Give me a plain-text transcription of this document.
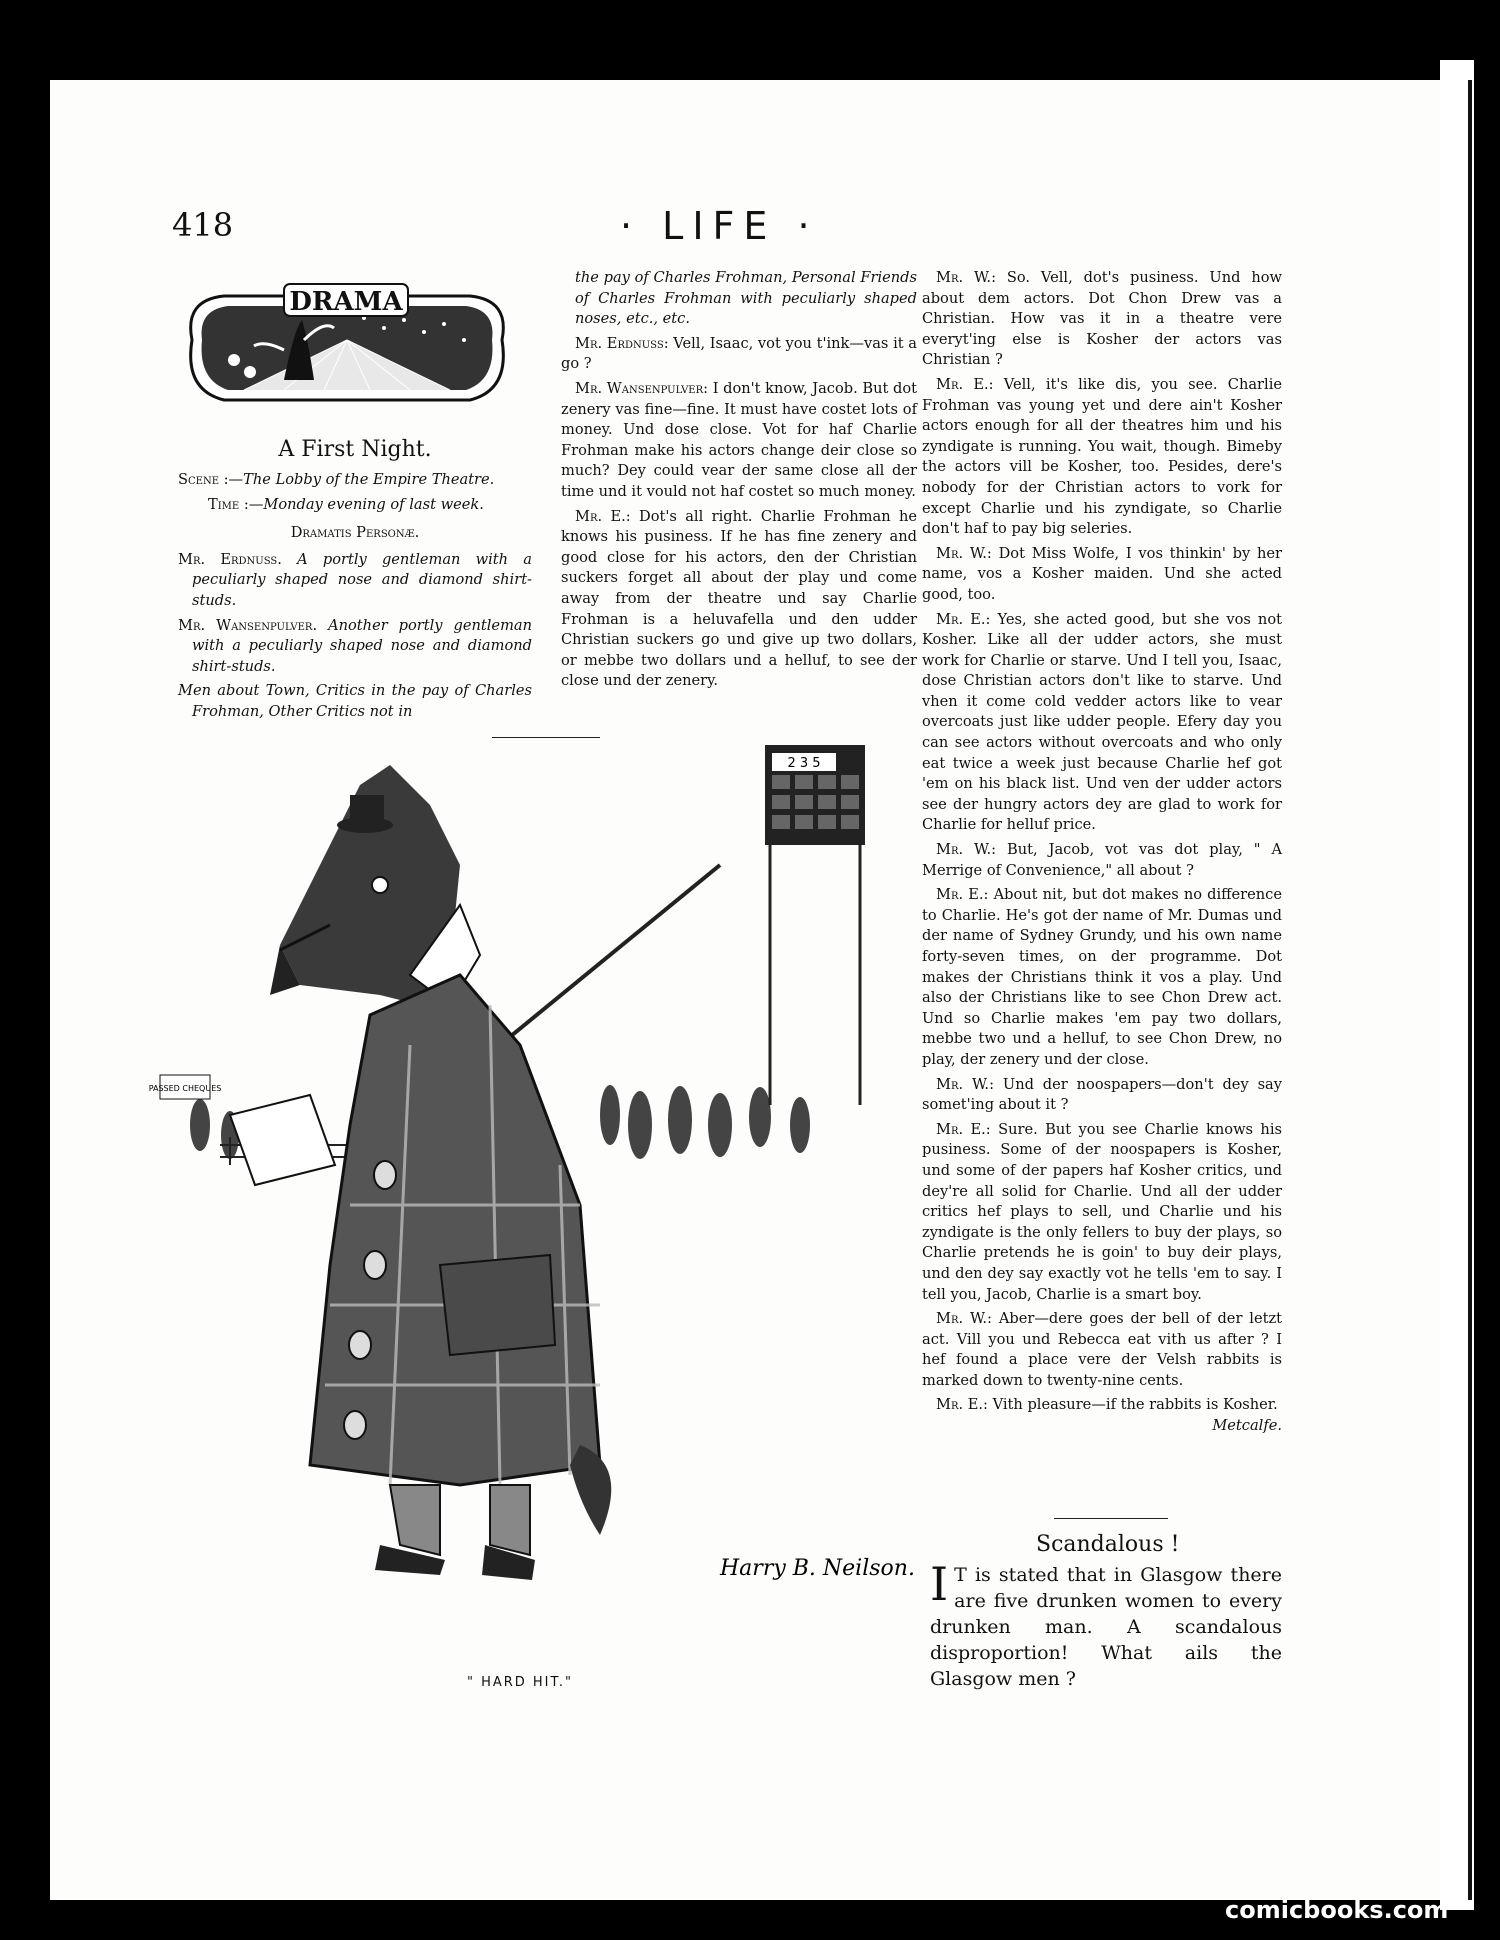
418	· LIFE ·
DRAMA
A First Night.

Scene :—The Lobby of the Empire Theatre.

Time :—Monday evening of last week.

Dramatis Personæ.

Mr. Erdnuss. A portly gentleman with a peculiarly shaped nose and diamond shirt-studs.

Mr. Wansenpulver. Another portly gentleman with a peculiarly shaped nose and diamond shirt-studs.

Men about Town, Critics in the pay of Charles Frohman, Other Critics not in

the pay of Charles Frohman, Personal Friends of Charles Frohman with peculiarly shaped noses, etc., etc.

Mr. Erdnuss: Vell, Isaac, vot you t'ink—vas it a go ?

Mr. Wansenpulver: I don't know, Jacob. But dot zenery vas fine—fine. It must have costet lots of money. Und dose close. Vot for haf Charlie Frohman make his actors change deir close so much? Dey could vear der same close all der time und it vould not haf costet so much money.

Mr. E.: Dot's all right. Charlie Frohman he knows his pusiness. If he has fine zenery and good close for his actors, den der Christian suckers forget all about der play und come away from der theatre und say Charlie Frohman is a heluvafella und den udder Christian suckers go und give up two dollars, or mebbe two dollars und a helluf, to see der close und der zenery.

Mr. W.: So. Vell, dot's pusiness. Und how about dem actors. Dot Chon Drew vas a Christian. How vas it in a theatre vere everyt'ing else is Kosher der actors vas Christian ?

Mr. E.: Vell, it's like dis, you see. Charlie Frohman vas young yet und dere ain't Kosher actors enough for all der theatres him und his zyndigate is running. You wait, though. Bimeby the actors vill be Kosher, too. Pesides, dere's nobody for der Christian actors to vork for except Charlie und his zyndigate, so Charlie don't haf to pay big seleries.

Mr. W.: Dot Miss Wolfe, I vos thinkin' by her name, vos a Kosher maiden. Und she acted good, too.

Mr. E.: Yes, she acted good, but she vos not Kosher. Like all der udder actors, she must work for Charlie or starve. Und I tell you, Isaac, dose Christian actors don't like to starve. Und vhen it come cold vedder actors like to vear overcoats just like udder people. Efery day you can see actors without overcoats and who only eat twice a week just because Charlie hef got 'em on his black list. Und ven der udder actors see der hungry actors dey are glad to work for Charlie for helluf price.

Mr. W.: But, Jacob, vot vas dot play, " A Merrige of Convenience," all about ?

Mr. E.: About nit, but dot makes no difference to Charlie. He's got der name of Mr. Dumas und der name of Sydney Grundy, und his own name forty-seven times, on der programme. Dot makes der Christians think it vos a play. Und also der Christians like to see Chon Drew act. Und so Charlie makes 'em pay two dollars, mebbe two und a helluf, to see Chon Drew, no play, der zenery und der close.

Mr. W.: Und der noospapers—don't dey say somet'ing about it ?

Mr. E.: Sure. But you see Charlie knows his pusiness. Some of der noospapers is Kosher, und some of der papers haf Kosher critics, und dey're all solid for Charlie. Und all der udder critics hef plays to sell, und Charlie und his zyndigate is the only fellers to buy der plays, so Charlie pretends he is goin' to buy deir plays, und den dey say exactly vot he tells 'em to say. I tell you, Jacob, Charlie is a smart boy.

Mr. W.: Aber—dere goes der bell of der letzt act. Vill you und Rebecca eat vith us after ? I hef found a place vere der Velsh rabbits is marked down to twenty-nine cents.

Mr. E.: Vith pleasure—if the rabbits is Kosher.
Metcalfe.

PASSED CHEQUES
2 3 5
Harry B. Neilson.
" HARD HIT."
Scandalous !
I T is stated that in Glasgow there are five drunken women to every drunken man. A scandalous disproportion! What ails the Glasgow men ?
comicbooks.com
